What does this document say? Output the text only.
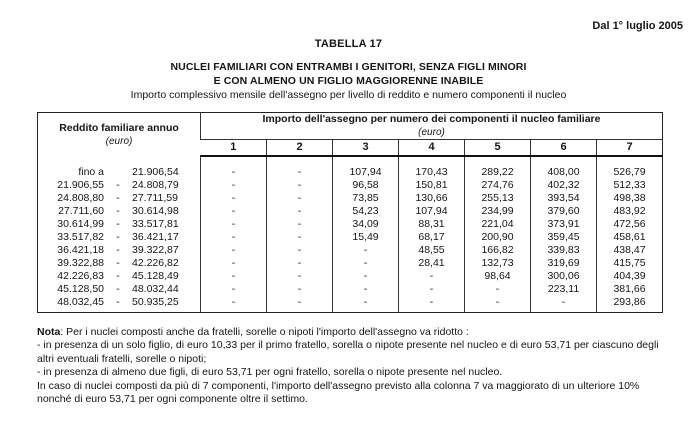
Dal 1° luglio 2005
TABELLA 17
NUCLEI FAMILIARI CON ENTRAMBI I GENITORI, SENZA FIGLI MINORI
E CON ALMENO UN FIGLIO MAGGIORENNE INABILE
Importo complessivo mensile dell'assegno per livello di reddito e numero componenti il nucleo
Reddito familiare annuo
(euro)

Importo dell'assegno per numero dei componenti il nucleo familiare
(euro)

	1	2	3	4	5	6	7

fino a 21.906,54	-	-	107,94	170,43	289,22	408,00	526,79

21.906,55 - 24.808,79	-	-	96,58	150,81	274,76	402,32	512,33

24.808,80 - 27.711,59	-	-	73,85	130,66	255,13	393,54	498,38

27.711,60 - 30.614,98	-	-	54,23	107,94	234,99	379,60	483,92

30.614,99 - 33.517,81	-	-	34,09	88,31	221,04	373,91	472,56

33.517,82 - 36.421,17	-	-	15,49	68,17	200,90	359,45	458,61

36.421,18 - 39.322,87	-	-	-	48,55	166,82	339,83	438,47

39.322,88 - 42.226,82	-	-	-	28,41	132,73	319,69	415,75

42.226,83 - 45.128,49	-	-	-	-	98,64	300,06	404,39

45.128,50 - 48.032,44	-	-	-	-	-	223,11	381,66

48.032,45 - 50.935,25	-	-	-	-	-	-	293,86

Nota: Per i nuclei composti anche da fratelli, sorelle o nipoti l'importo dell'assegno va ridotto :

- in presenza di un solo figlio, di euro 10,33 per il primo fratello, sorella o nipote presente nel nucleo e di euro 53,71 per ciascuno degli altri eventuali fratelli, sorelle o nipoti;

- in presenza di almeno due figli, di euro 53,71 per ogni fratello, sorella o nipote presente nel nucleo.

In caso di nuclei composti da più di 7 componenti, l'importo dell'assegno previsto alla colonna 7 va maggiorato di un ulteriore 10% nonché di euro 53,71 per ogni componente oltre il settimo.
